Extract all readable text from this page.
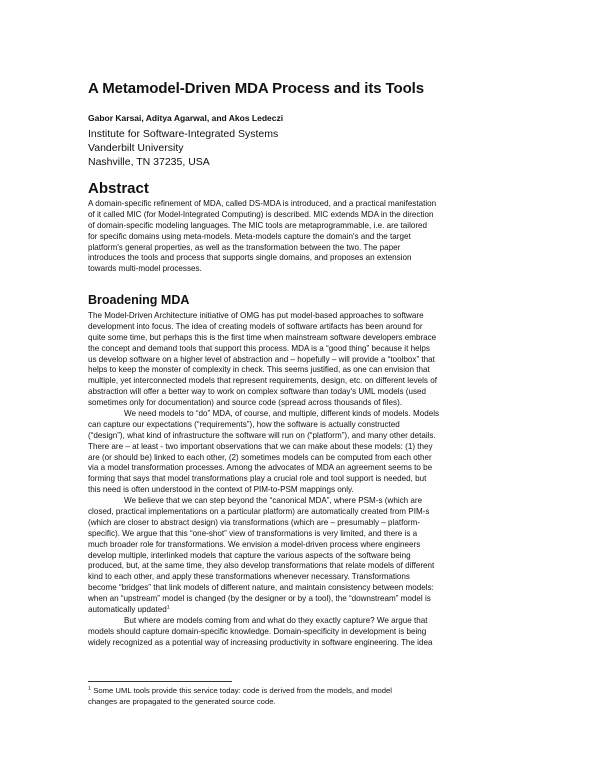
A Metamodel-Driven MDA Process and its Tools
Gabor Karsai, Aditya Agarwal, and Akos Ledeczi
Institute for Software-Integrated Systems
Vanderbilt University
Nashville, TN 37235, USA
Abstract
A domain-specific refinement of MDA, called DS-MDA is introduced, and a practical manifestation
of it called MIC (for Model-Integrated Computing) is described. MIC extends MDA in the direction
of domain-specific modeling languages. The MIC tools are metaprogrammable, i.e. are tailored
for specific domains using meta-models. Meta-models capture the domain's and the target
platform's general properties, as well as the transformation between the two. The paper
introduces the tools and process that supports single domains, and proposes an extension
towards multi-model processes.
Broadening MDA
The Model-Driven Architecture initiative of OMG has put model-based approaches to software
development into focus. The idea of creating models of software artifacts has been around for
quite some time, but perhaps this is the first time when mainstream software developers embrace
the concept and demand tools that support this process. MDA is a “good thing” because it helps
us develop software on a higher level of abstraction and – hopefully – will provide a “toolbox” that
helps to keep the monster of complexity in check. This seems justified, as one can envision that
multiple, yet interconnected models that represent requirements, design, etc. on different levels of
abstraction will offer a better way to work on complex software than today's UML models (used
sometimes only for documentation) and source code (spread across thousands of files).
We need models to “do” MDA, of course, and multiple, different kinds of models. Models
can capture our expectations (“requirements”), how the software is actually constructed
(“design”), what kind of infrastructure the software will run on (“platform”), and many other details.
There are – at least - two important observations that we can make about these models: (1) they
are (or should be) linked to each other, (2) sometimes models can be computed from each other
via a model transformation processes. Among the advocates of MDA an agreement seems to be
forming that says that model transformations play a crucial role and tool support is needed, but
this need is often understood in the context of PIM-to-PSM mappings only.
We believe that we can step beyond the “canonical MDA”, where PSM-s (which are
closed, practical implementations on a particular platform) are automatically created from PIM-s
(which are closer to abstract design) via transformations (which are – presumably – platform-
specific). We argue that this “one-shot” view of transformations is very limited, and there is a
much broader role for transformations. We envision a model-driven process where engineers
develop multiple, interlinked models that capture the various aspects of the software being
produced, but, at the same time, they also develop transformations that relate models of different
kind to each other, and apply these transformations whenever necessary. Transformations
become “bridges” that link models of different nature, and maintain consistency between models:
when an “upstream” model is changed (by the designer or by a tool), the “downstream” model is
automatically updated$^1$
But where are models coming from and what do they exactly capture? We argue that
models should capture domain-specific knowledge. Domain-specificity in development is being
widely recognized as a potential way of increasing productivity in software engineering. The idea
$^1$ Some UML tools provide this service today: code is derived from the models, and model
changes are propagated to the generated source code.
